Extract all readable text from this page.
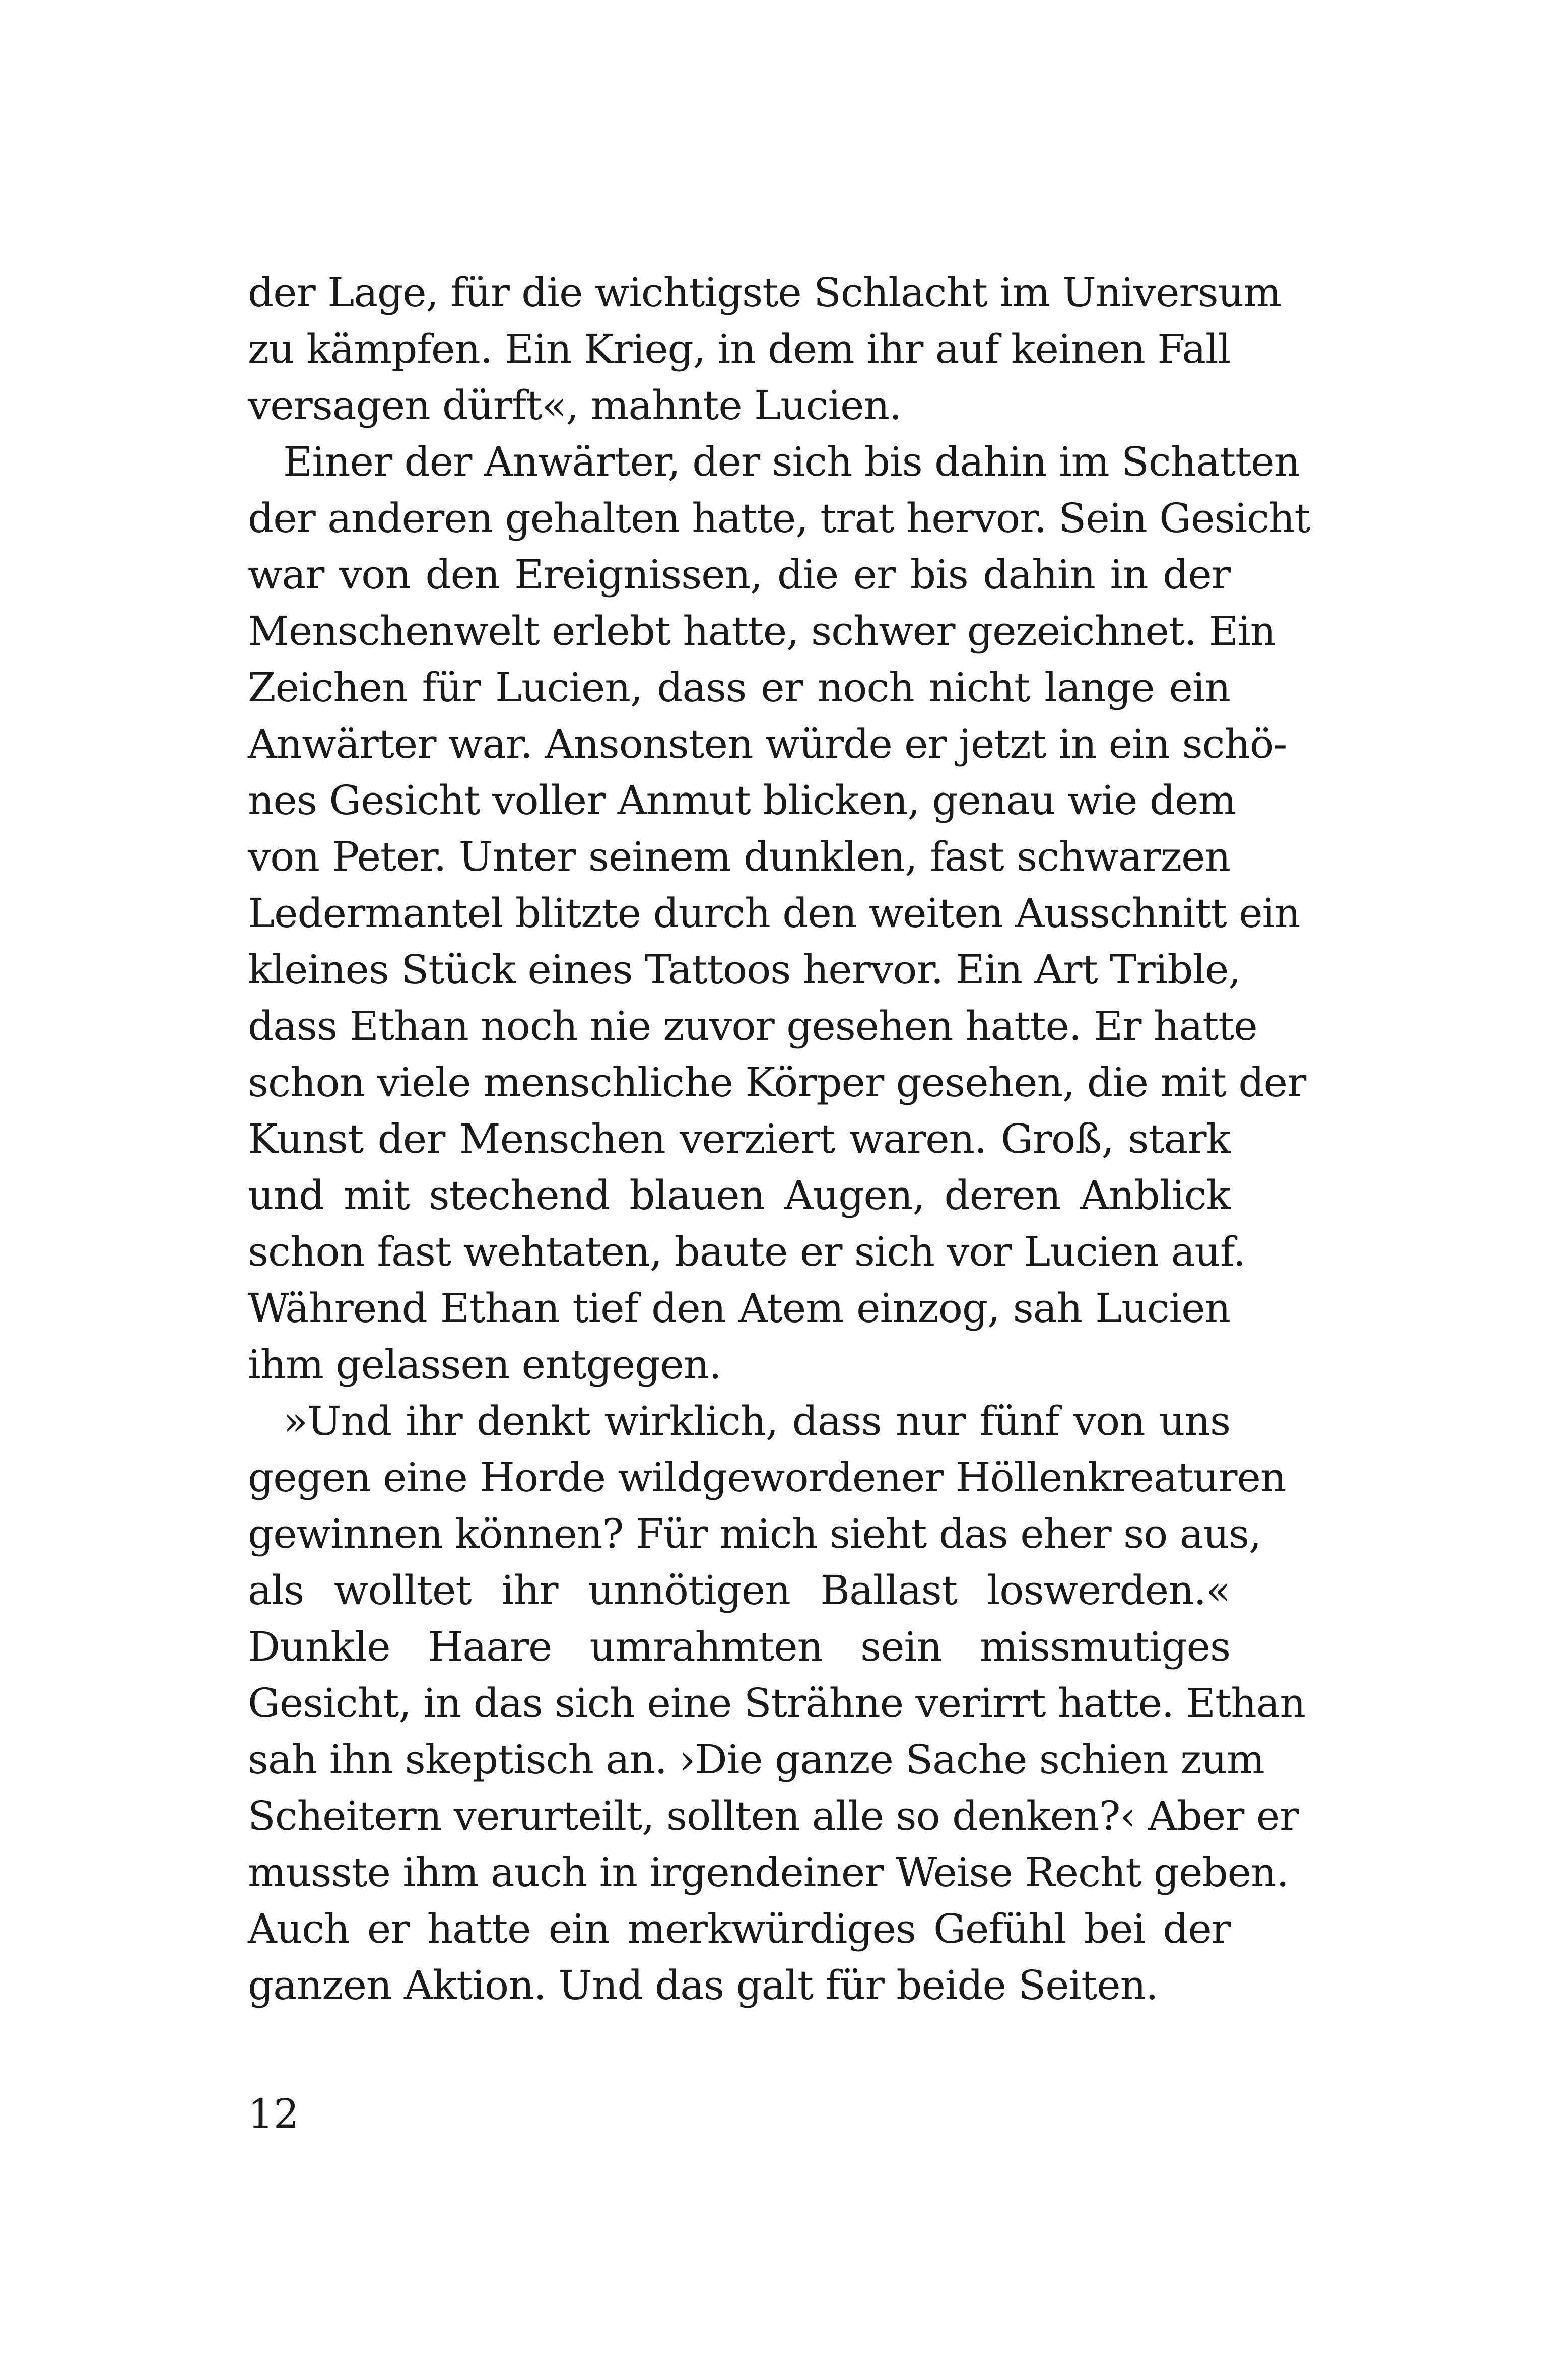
der Lage, für die wichtigste Schlacht im Universum
zu kämpfen. Ein Krieg, in dem ihr auf keinen Fall
versagen dürft«, mahnte Lucien.
Einer der Anwärter, der sich bis dahin im Schatten
der anderen gehalten hatte, trat hervor. Sein Gesicht
war von den Ereignissen, die er bis dahin in der
Menschenwelt erlebt hatte, schwer gezeichnet. Ein
Zeichen für Lucien, dass er noch nicht lange ein
Anwärter war. Ansonsten würde er jetzt in ein schö-
nes Gesicht voller Anmut blicken, genau wie dem
von Peter. Unter seinem dunklen, fast schwarzen
Ledermantel blitzte durch den weiten Ausschnitt ein
kleines Stück eines Tattoos hervor. Ein Art Trible,
dass Ethan noch nie zuvor gesehen hatte. Er hatte
schon viele menschliche Körper gesehen, die mit der
Kunst der Menschen verziert waren. Groß, stark
und mit stechend blauen Augen, deren Anblick
schon fast wehtaten, baute er sich vor Lucien auf.
Während Ethan tief den Atem einzog, sah Lucien
ihm gelassen entgegen.
»Und ihr denkt wirklich, dass nur fünf von uns
gegen eine Horde wildgewordener Höllenkreaturen
gewinnen können? Für mich sieht das eher so aus,
als wolltet ihr unnötigen Ballast loswerden.«
Dunkle Haare umrahmten sein missmutiges
Gesicht, in das sich eine Strähne verirrt hatte. Ethan
sah ihn skeptisch an. ›Die ganze Sache schien zum
Scheitern verurteilt, sollten alle so denken?‹ Aber er
musste ihm auch in irgendeiner Weise Recht geben.
Auch er hatte ein merkwürdiges Gefühl bei der
ganzen Aktion. Und das galt für beide Seiten.
12
